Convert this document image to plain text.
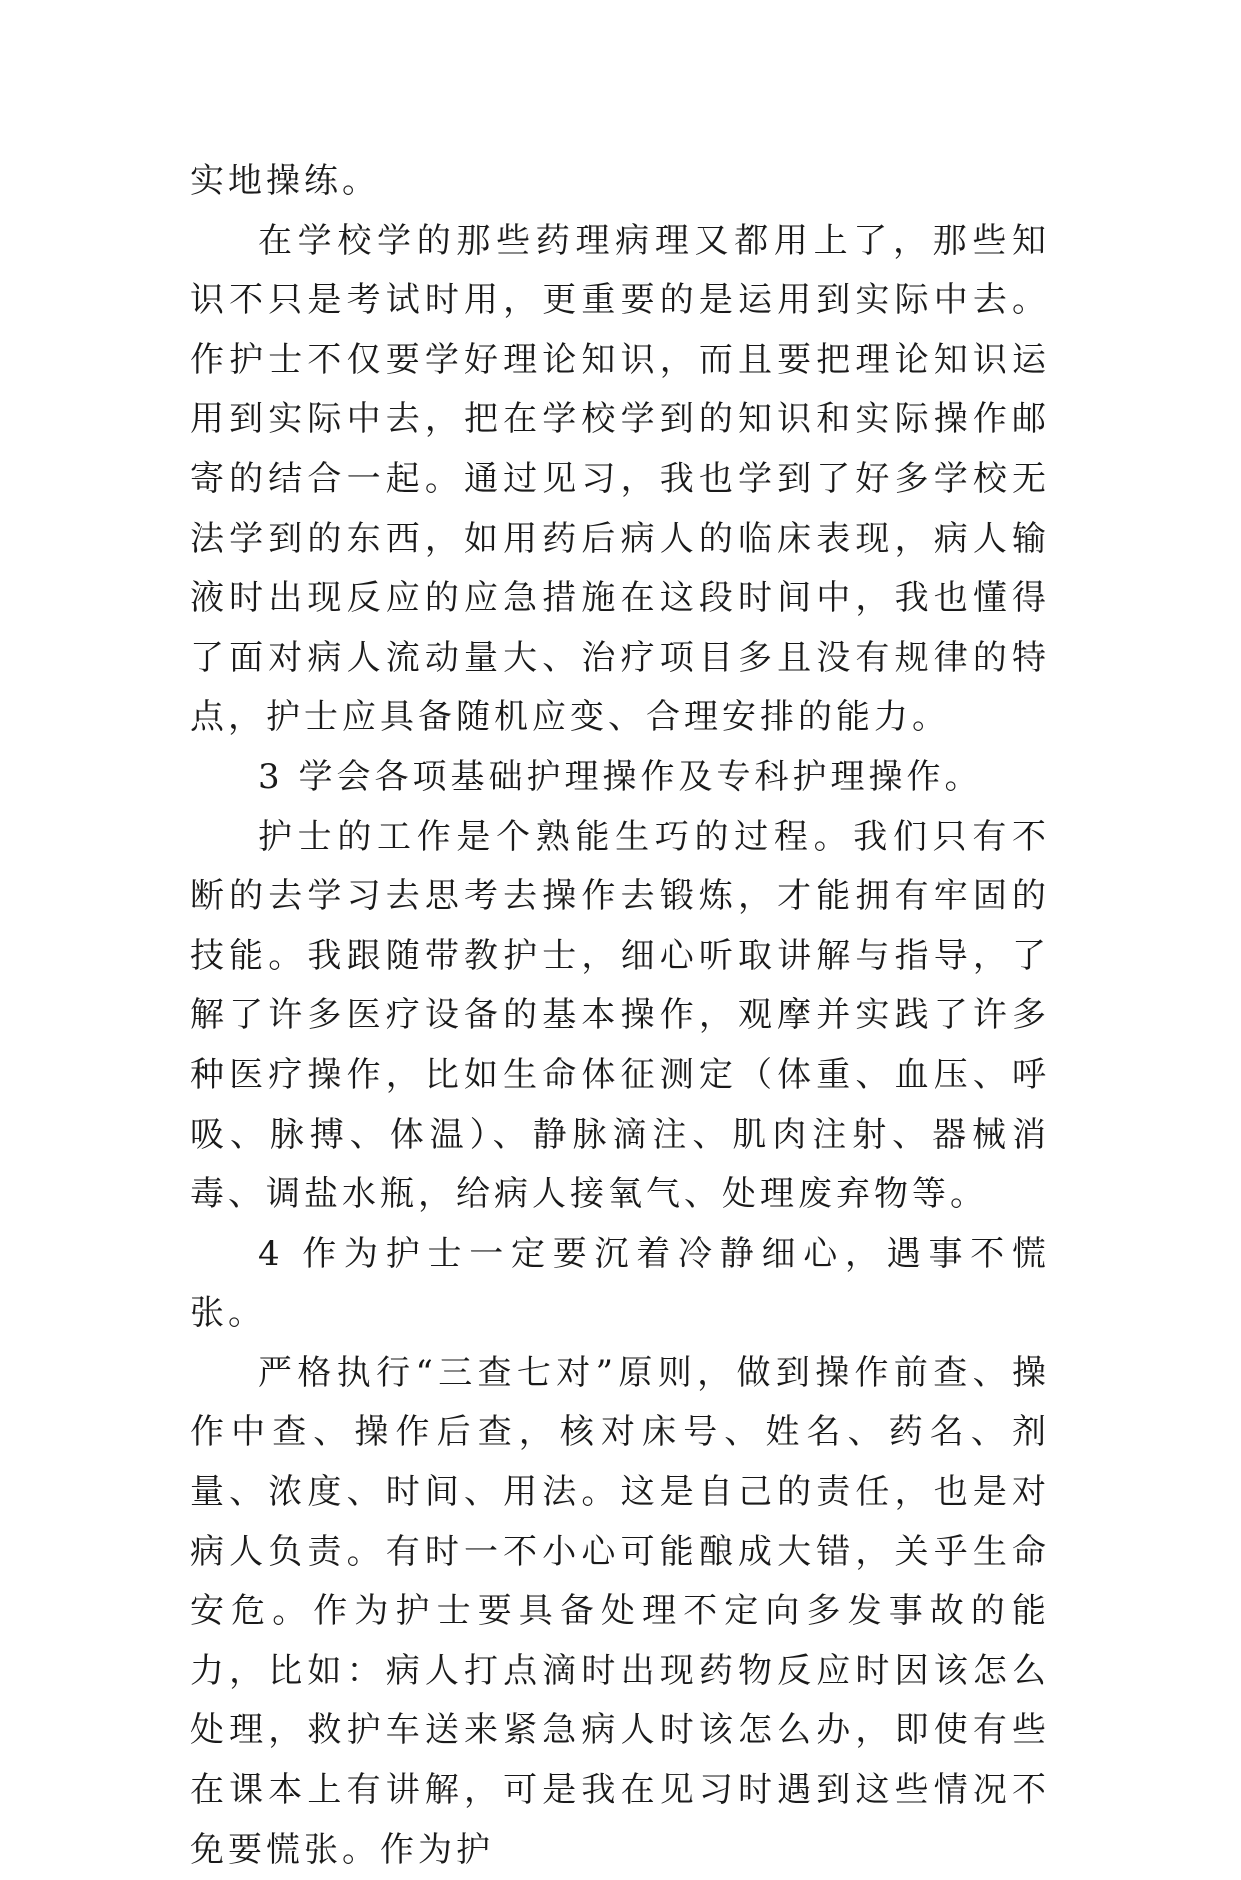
实地操练。

在学校学的那些药理病理又都用上了，那些知识不只是考试时用，更重要的是运用到实际中去。作护士不仅要学好理论知识，而且要把理论知识运用到实际中去，把在学校学到的知识和实际操作邮寄的结合一起。通过见习，我也学到了好多学校无法学到的东西，如用药后病人的临床表现，病人输液时出现反应的应急措施在这段时间中，我也懂得了面对病人流动量大、治疗项目多且没有规律的特点，护士应具备随机应变、合理安排的能力。

3 学会各项基础护理操作及专科护理操作。

护士的工作是个熟能生巧的过程。我们只有不断的去学习去思考去操作去锻炼，才能拥有牢固的技能。我跟随带教护士，细心听取讲解与指导，了解了许多医疗设备的基本操作，观摩并实践了许多种医疗操作，比如生命体征测定（体重、血压、呼吸、脉搏、体温）、静脉滴注、肌肉注射、器械消毒、调盐水瓶，给病人接氧气、处理废弃物等。

4 作为护士一定要沉着冷静细心，遇事不慌张。

严格执行“三查七对”原则，做到操作前查、操作中查、操作后查，核对床号、姓名、药名、剂量、浓度、时间、用法。这是自己的责任，也是对病人负责。有时一不小心可能酿成大错，关乎生命安危。作为护士要具备处理不定向多发事故的能力，比如：病人打点滴时出现药物反应时因该怎么处理，救护车送来紧急病人时该怎么办，即使有些在课本上有讲解，可是我在见习时遇到这些情况不免要慌张。作为护
